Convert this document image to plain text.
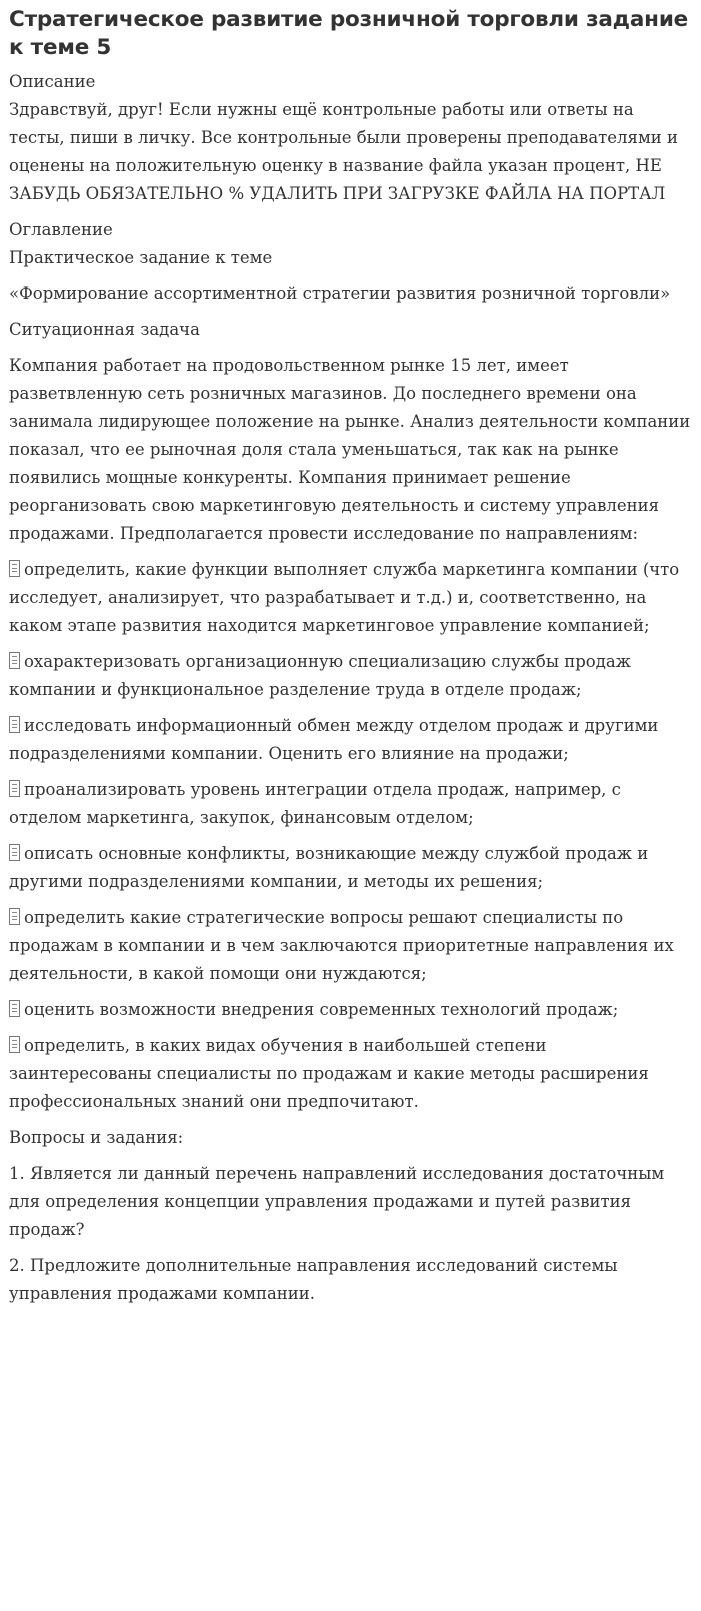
Стратегическое развитие розничной торговли задание к теме 5

Описание

Здравствуй, друг! Если нужны ещё контрольные работы или ответы на тесты, пиши в личку. Все контрольные были проверены преподавателями и оценены на положительную оценку в название файла указан процент, НЕ ЗАБУДЬ ОБЯЗАТЕЛЬНО % УДАЛИТЬ ПРИ ЗАГРУЗКЕ ФАЙЛА НА ПОРТАЛ

Оглавление

Практическое задание к теме

«Формирование ассортиментной стратегии развития розничной торговли»

Ситуационная задача

Компания работает на продовольственном рынке 15 лет, имеет разветвленную сеть розничных магазинов. До последнего времени она занимала лидирующее положение на рынке. Анализ деятельности компании показал, что ее рыночная доля стала уменьшаться, так как на рынке появились мощные конкуренты. Компания принимает решение реорганизовать свою маркетинговую деятельность и систему управления продажами. Предполагается провести исследование по направлениям:

определить, какие функции выполняет служба маркетинга компании (что исследует, анализирует, что разрабатывает и т.д.) и, соответственно, на каком этапе развития находится маркетинговое управление компанией;

охарактеризовать организационную специализацию службы продаж компании и функциональное разделение труда в отделе продаж;

исследовать информационный обмен между отделом продаж и другими подразделениями компании. Оценить его влияние на продажи;

проанализировать уровень интеграции отдела продаж, например, с отделом маркетинга, закупок, финансовым отделом;

описать основные конфликты, возникающие между службой продаж и другими подразделениями компании, и методы их решения;

определить какие стратегические вопросы решают специалисты по продажам в компании и в чем заключаются приоритетные направления их деятельности, в какой помощи они нуждаются;

оценить возможности внедрения современных технологий продаж;

определить, в каких видах обучения в наибольшей степени заинтересованы специалисты по продажам и какие методы расширения профессиональных знаний они предпочитают.

Вопросы и задания:

1. Является ли данный перечень направлений исследования достаточным для определения концепции управления продажами и путей развития продаж?

2. Предложите дополнительные направления исследований системы управления продажами компании.
